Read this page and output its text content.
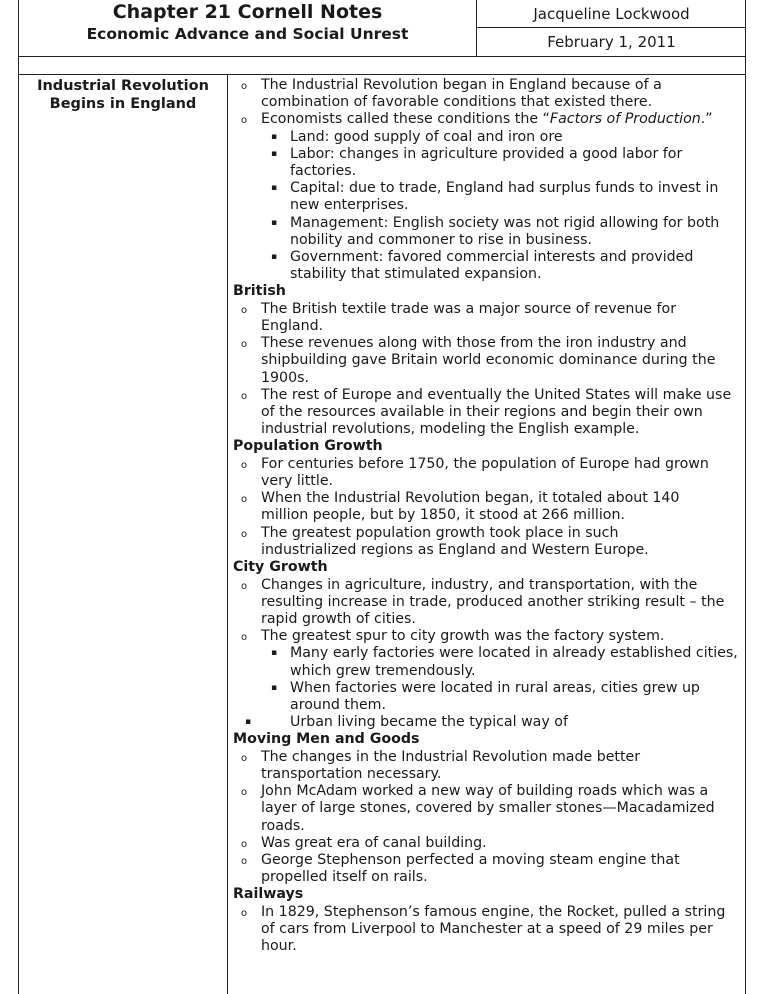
Chapter 21 Cornell Notes
Economic Advance and Social Unrest
Jacqueline Lockwood
February 1, 2011
Industrial Revolution Begins in England
o The Industrial Revolution began in England because of a combination of favorable conditions that existed there.
o Economists called these conditions the “Factors of Production.”
▪ Land: good supply of coal and iron ore
▪ Labor: changes in agriculture provided a good labor for factories.
▪ Capital: due to trade, England had surplus funds to invest in new enterprises.
▪ Management: English society was not rigid allowing for both nobility and commoner to rise in business.
▪ Government: favored commercial interests and provided stability that stimulated expansion.
British
o The British textile trade was a major source of revenue for England.
o These revenues along with those from the iron industry and shipbuilding gave Britain world economic dominance during the 1900s.
o The rest of Europe and eventually the United States will make use of the resources available in their regions and begin their own industrial revolutions, modeling the English example.
Population Growth
o For centuries before 1750, the population of Europe had grown very little.
o When the Industrial Revolution began, it totaled about 140 million people, but by 1850, it stood at 266 million.
o The greatest population growth took place in such industrialized regions as England and Western Europe.
City Growth
o Changes in agriculture, industry, and transportation, with the resulting increase in trade, produced another striking result – the rapid growth of cities.
o The greatest spur to city growth was the factory system.
▪ Many early factories were located in already established cities, which grew tremendously.
▪ When factories were located in rural areas, cities grew up around them.
▪ Urban living became the typical way of
Moving Men and Goods
o The changes in the Industrial Revolution made better transportation necessary.
o John McAdam worked a new way of building roads which was a layer of large stones, covered by smaller stones—Macadamized roads.
o Was great era of canal building.
o George Stephenson perfected a moving steam engine that propelled itself on rails.
Railways
o In 1829, Stephenson’s famous engine, the Rocket, pulled a string of cars from Liverpool to Manchester at a speed of 29 miles per hour.
